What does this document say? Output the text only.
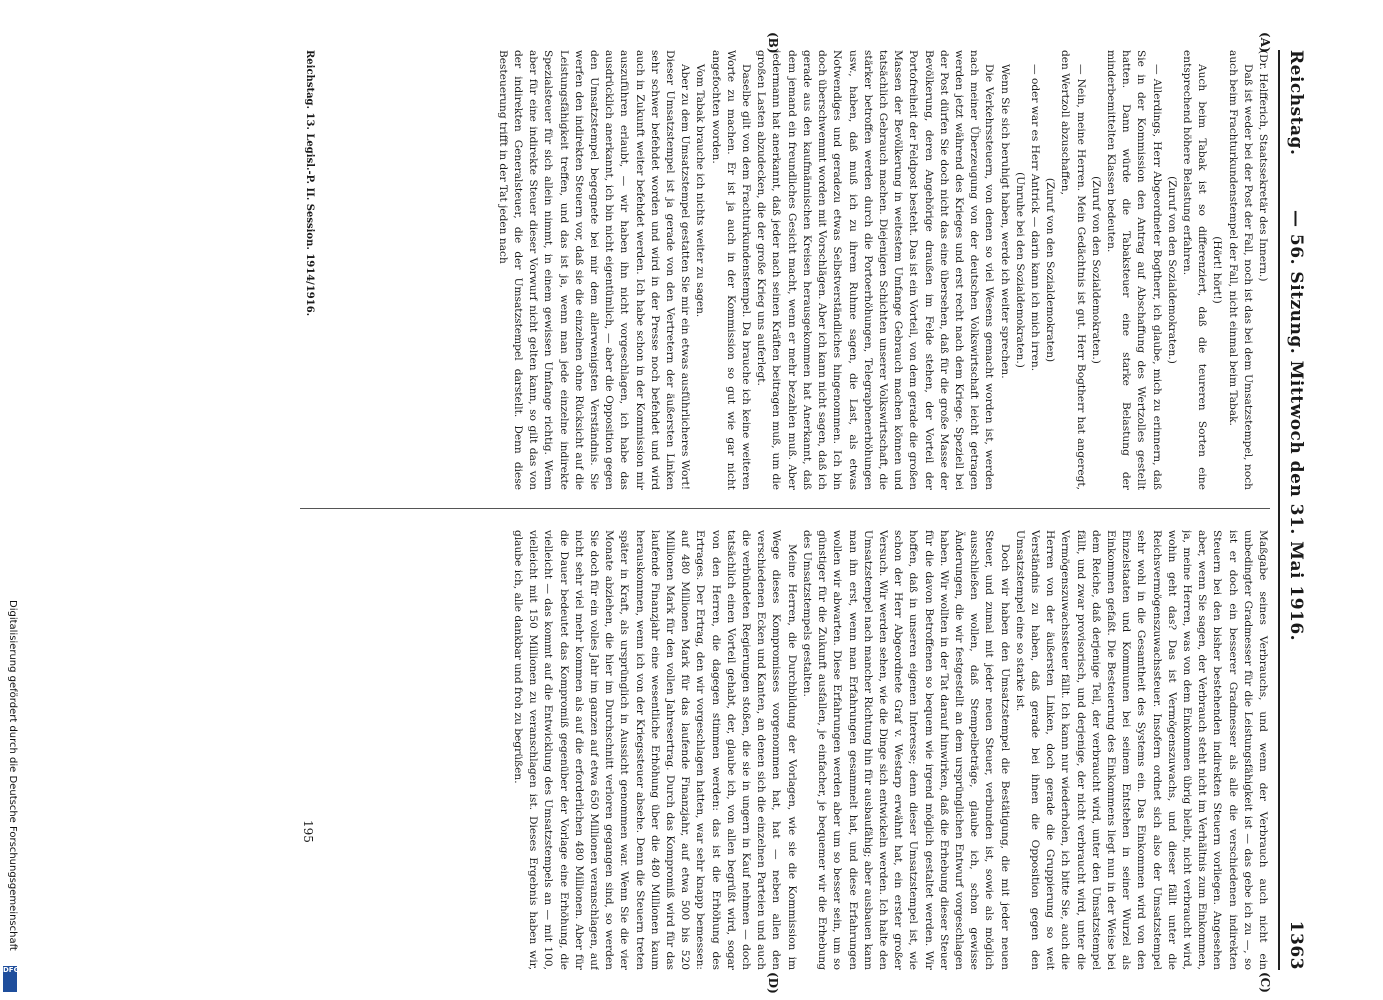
Digitalisierung gefördert durch die Deutsche Forschungsgemeinschaft
DFG
Reichstag.
— 56. Sitzung. Mittwoch den 31. Mai 1916.
1363
(A)
(B)
(C)
(D)

(Dr. Helfferich, Staatssekretär des Innern.)

Daß ist weder bei der Post der Fall, noch ist das bei dem Umsatzstempel, noch auch beim Frachturkundenstempel der Fall, nicht einmal beim Tabak.

(Hört! hört!)

Auch beim Tabak ist so differenziert, daß die teureren Sorten eine entsprechend höhere Belastung erfahren.

(Zuruf von den Sozialdemokraten.)

— Allerdings, Herr Abgeordneter Bogtherr, ich glaube, mich zu erinnern, daß Sie in der Kommission den Antrag auf Abschaffung des Wertzolles gestellt hatten. Dann würde die Tabaksteuer eine starke Belastung der minderbemittelten Klassen bedeuten.

(Zuruf von den Sozialdemokraten.)

— Nein, meine Herren. Mein Gedächtnis ist gut. Herr Bogtherr hat angeregt, den Wertzoll abzuschaffen,

(Zuruf von den Sozialdemokraten)

— oder war es Herr Antrick — darin kann ich mich irren.

(Unruhe bei den Sozialdemokraten.)

Wenn Sie sich beruhigt haben, werde ich weiter sprechen.

Die Verkehrssteuern, von denen so viel Wesens gemacht worden ist, werden nach meiner Überzeugung von der deutschen Volkswirtschaft leicht getragen werden jetzt während des Krieges und erst recht nach dem Kriege. Speziell bei der Post dürfen Sie doch nicht das eine übersehen, daß für die große Masse der Bevölkerung, deren Angehörige draußen im Felde stehen, der Vorteil der Portofreiheit der Feldpost besteht. Das ist ein Vorteil, von dem gerade die großen Massen der Bevölkerung in weitestem Umfange Gebrauch machen können und tatsächlich Gebrauch machen. Diejenigen Schichten unserer Volkswirtschaft, die stärker betroffen werden durch die Portoerhöhungen, Telegraphenerhöhungen usw., haben, daß muß ich zu ihrem Ruhme sagen, die Last, als etwas Notwendiges und geradezu etwas Selbstverständliches hingenommen. Ich bin doch überschwemmt worden mit Vorschlägen. Aber ich kann nicht sagen, daß ich gerade aus den kaufmännischen Kreisen herausgekommen hat Anerkannt, daß dem jemand ein freundliches Gesicht macht, wenn er mehr bezahlen muß. Aber jedermann hat anerkannt, daß jeder nach seinen Kräften beitragen muß, um die großen Lasten abzudecken, die der große Krieg uns auferlegt.

Daselbe gilt von dem Frachturkundenstempel. Da brauche ich keine weiteren Worte zu machen. Er ist ja auch in der Kommission so gut wie gar nicht angefochten worden.

Vom Tabak brauche ich nichts weiter zu sagen.

Aber zu dem Umsatzstempel gestatten Sie mir ein etwas ausführlicheres Wort! Dieser Umsatzstempel ist ja gerade von den Vertretern der äußersten Linken sehr schwer befehdet worden und wird in der Presse noch befehdet und wird auch in Zukunft weiter befehdet werden. Ich habe schon in der Kommission mir auszuführen erlaubt, — wir haben ihn nicht vorgeschlagen, ich habe das ausdrücklich anerkannt, ich bin nicht eigentümlich, — aber die Opposition gegen den Umsatzstempel begegnete bei mir dem allerwenigsten Verständnis. Sie werfen den indirekten Steuern vor, daß sie die einzelnen ohne Rücksicht auf die Leistungsfähigkeit treffen, und das ist ja, wenn man jede einzelne indirekte Spezialsteuer für sich allein nimmt, in einem gewissen Umfange richtig. Wenn aber für eine indirekte Steuer dieser Vorwurf nicht gelten kann, so gilt das von der indirekten Generalsteuer, die der Umsatzstempel darstellt. Denn diese Besteuerung trifft in der Tat jeden nach

Maßgabe seines Verbrauchs, und wenn der Verbrauch auch nicht ein unbedingter Gradmesser für die Leistungsfähigkeit ist — das gebe ich zu —, so ist er doch ein besserer Gradmesser als alle die verschiedenen indirekten Steuern bei den bisher bestehenden indirekten Steuern vorliegen. Angesehen aber, wenn Sie sagen, der Verbrauch steht nicht im Verhältnis zum Einkommen, ja, meine Herren, was von dem Einkommen übrig bleibt, nicht verbraucht wird, wohin geht das? Das ist Vermögenszuwachs, und dieser fällt unter die Reichsvermögenszuwachssteuer. Insofern ordnet sich also der Umsatzstempel sehr wohl in die Gesamtheit des Systems ein. Das Einkommen wird von den Einzelstaaten und Kommunen bei seinem Entstehen in seiner Wurzel als Einkommen gefaßt. Die Besteuerung des Einkommens liegt nun in der Weise bei dem Reiche, daß derjenige Teil, der verbraucht wird, unter den Umsatzstempel fällt, und zwar provisorisch, und derjenige, der nicht verbraucht wird, unter die Vermögenszuwachssteuer fällt. Ich kann nur wiederholen, ich bitte Sie, auch die Herren von der äußersten Linken, doch gerade die Gruppierung so weit Verständnis zu haben, daß gerade bei ihnen die Opposition gegen den Umsatzstempel eine so starke ist.

Doch wir haben den Umsatzstempel die Bestätigung, die mit jeder neuen Steuer, und zumal mit jeder neuen Steuer, verbunden ist, sowie als möglich ausschließen wollen, daß Stempelbeträge, glaube ich, schon gewisse Änderungen, die wir festgestellt an dem ursprünglichen Entwurf vorgeschlagen haben. Wir wollten in der Tat darauf hinwirken, daß die Erhebung dieser Steuer für die davon Betroffenen so bequem wie irgend möglich gestaltet werden. Wir hoffen, daß in unseren eigenen Interesse; denn dieser Umsatzstempel ist, wie schon der Herr Abgeordnete Graf v. Westarp erwähnt hat, ein erster großer Versuch. Wir werden sehen, wie die Dinge sich entwickeln werden. Ich halte den Umsatzstempel nach mancher Richtung hin für ausbaufähig; aber ausbauen kann man ihn erst, wenn man Erfahrungen gesammelt hat, und diese Erfahrungen wollen wir abwarten. Diese Erfahrungen werden aber um so besser sein, um so günstiger für die Zukunft ausfallen, je einfacher, je bequemer wir die Erhebung des Umsatzstempels gestalten.

Meine Herren, die Durchbildung der Vorlagen, wie sie die Kommission im Wege dieses Kompromisses vorgenommen hat, hat — neben allen den verschiedenen Ecken und Kanten, an denen sich die einzelnen Parteien und auch die verbündeten Regierungen stoßen, die sie in ungern in Kauf nehmen — doch tatsächlich einen Vorteil gehabt, der, glaube ich, von allen begrüßt wird, sogar von den Herren, die dagegen stimmen werden: das ist die Erhöhung des Ertrages. Der Ertrag, den wir vorgeschlagen hatten, war sehr knapp bemessen: auf 480 Millionen Mark für das laufende Finanzjahr, auf etwa 500 bis 520 Millionen Mark für den vollen Jahresertrag. Durch das Kompromiß wird für das laufende Finanzjahr eine wesentliche Erhöhung über die 480 Millionen kaum herauskommen, wenn ich von der Kriegssteuer absehe. Denn die Steuern treten später in Kraft, als ursprünglich in Aussicht genommen war. Wenn Sie die vier Monate abziehen, die hier im Durchschnitt verloren gegangen sind, so werden Sie doch für ein volles Jahr im ganzen auf etwa 650 Millionen veranschlagen, auf nicht sehr viel mehr kommen als auf die erforderlichen 480 Millionen. Aber für die Dauer bedeutet das Kompromiß gegenüber der Vorlage eine Erhöhung, die vielleicht — das kommt auf die Entwicklung des Umsatzstempels an — mit 100, vielleicht mit 150 Millionen zu veranschlagen ist. Dieses Ergebnis haben wir, glaube ich, alle dankbar und froh zu begrüßen.

Reichstag. 13. Legisl.-P. II. Session. 1914/1916.
195
